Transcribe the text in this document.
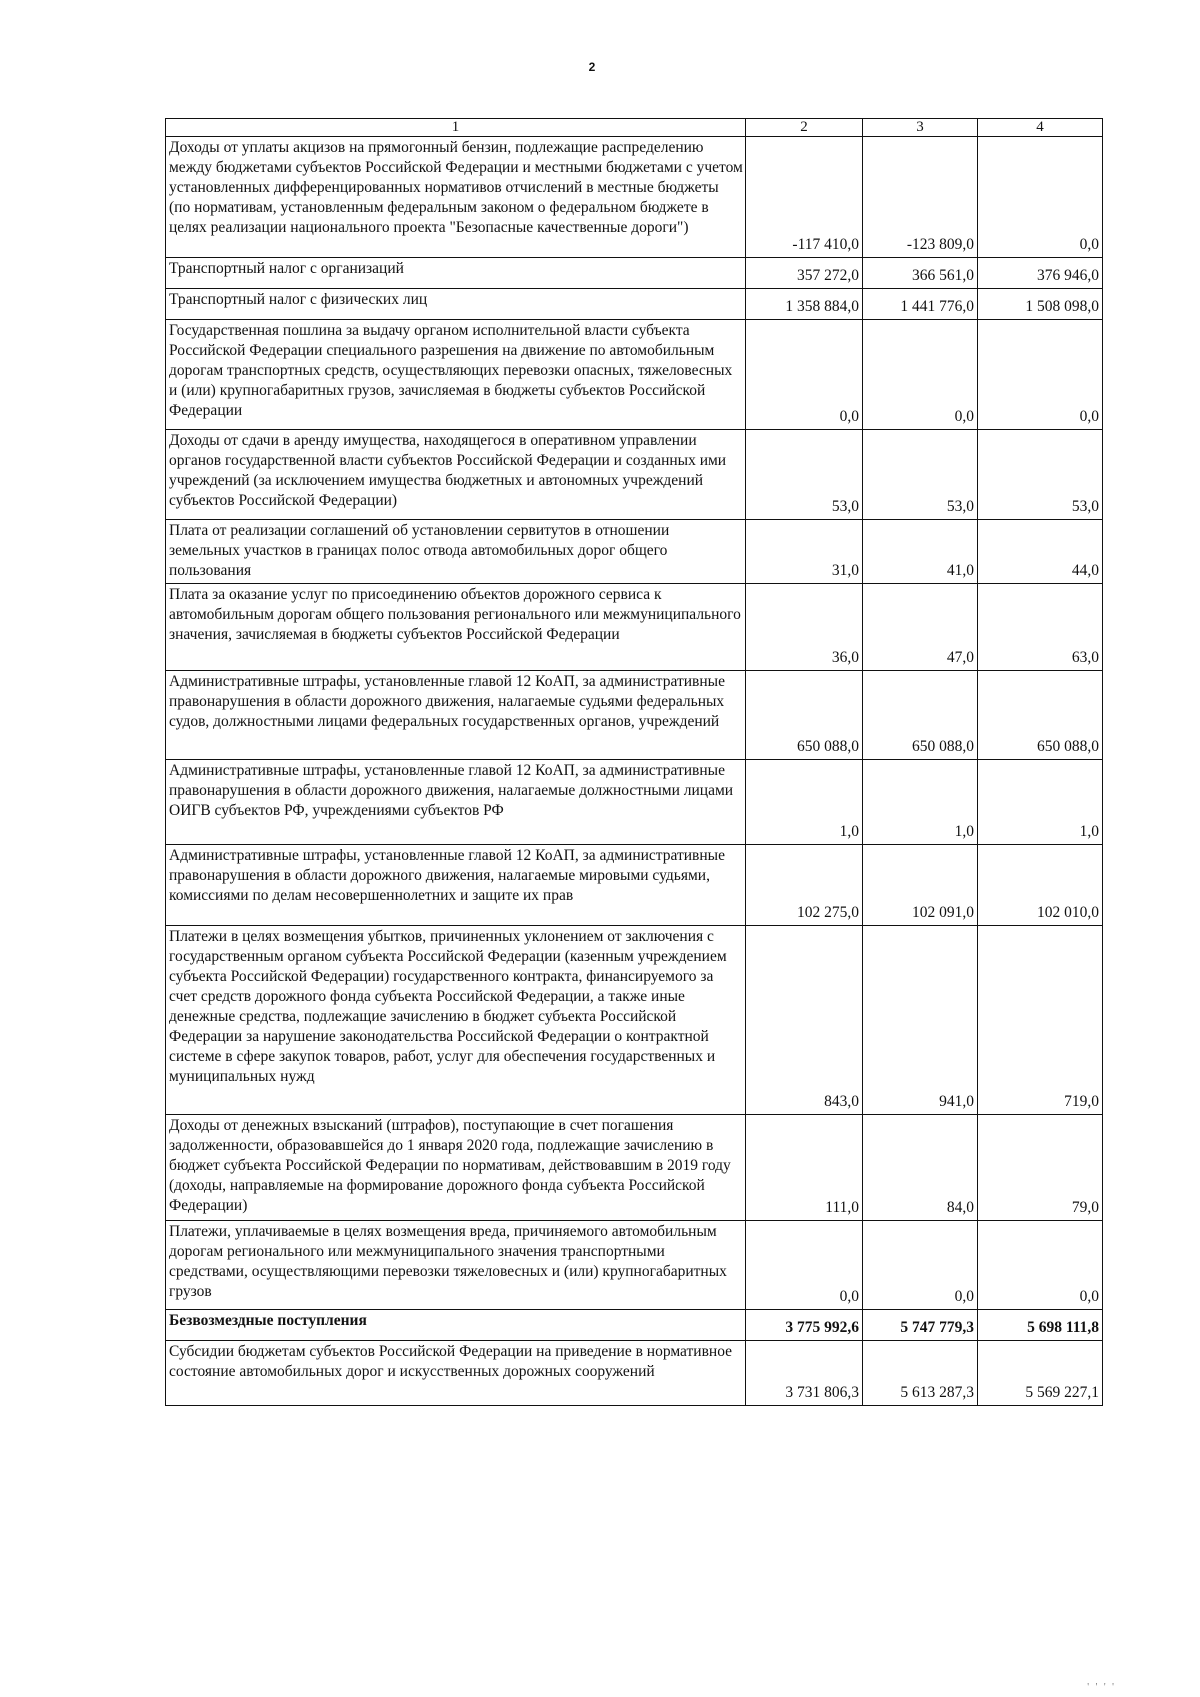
2
1	2	3	4
Доходы от уплаты акцизов на прямогонный бензин, подлежащие распределению между бюджетами субъектов Российской Федерации и местными бюджетами с учетом установленных дифференцированных нормативов отчислений в местные бюджеты (по нормативам, установленным федеральным законом о федеральном бюджете в целях реализации национального проекта "Безопасные качественные дороги")	-117 410,0	-123 809,0	0,0
Транспортный налог с организаций	357 272,0	366 561,0	376 946,0
Транспортный налог с физических лиц	1 358 884,0	1 441 776,0	1 508 098,0
Государственная пошлина за выдачу органом исполнительной власти субъекта Российской Федерации специального разрешения на движение по автомобильным дорогам транспортных средств, осуществляющих перевозки опасных, тяжеловесных и (или) крупногабаритных грузов, зачисляемая в бюджеты субъектов Российской Федерации	0,0	0,0	0,0
Доходы от сдачи в аренду имущества, находящегося в оперативном управлении органов государственной власти субъектов Российской Федерации и созданных ими учреждений (за исключением имущества бюджетных и автономных учреждений субъектов Российской Федерации)	53,0	53,0	53,0
Плата от реализации соглашений об установлении сервитутов в отношении земельных участков в границах полос отвода автомобильных дорог общего пользования	31,0	41,0	44,0
Плата за оказание услуг по присоединению объектов дорожного сервиса к автомобильным дорогам общего пользования регионального или межмуниципального значения, зачисляемая в бюджеты субъектов Российской Федерации	36,0	47,0	63,0
Административные штрафы, установленные главой 12 КоАП, за административные правонарушения в области дорожного движения, налагаемые судьями федеральных судов, должностными лицами федеральных государственных органов, учреждений	650 088,0	650 088,0	650 088,0
Административные штрафы, установленные главой 12 КоАП, за административные правонарушения в области дорожного движения, налагаемые должностными лицами ОИГВ субъектов РФ, учреждениями субъектов РФ	1,0	1,0	1,0
Административные штрафы, установленные главой 12 КоАП, за административные правонарушения в области дорожного движения, налагаемые мировыми судьями, комиссиями по делам несовершеннолетних и защите их прав	102 275,0	102 091,0	102 010,0
Платежи в целях возмещения убытков, причиненных уклонением от заключения с государственным органом субъекта Российской Федерации (казенным учреждением субъекта Российской Федерации) государственного контракта, финансируемого за счет средств дорожного фонда субъекта Российской Федерации, а также иные денежные средства, подлежащие зачислению в бюджет субъекта Российской Федерации за нарушение законодательства Российской Федерации о контрактной системе в сфере закупок товаров, работ, услуг для обеспечения государственных и муниципальных нужд	843,0	941,0	719,0
Доходы от денежных взысканий (штрафов), поступающие в счет погашения задолженности, образовавшейся до 1 января 2020 года, подлежащие зачислению в бюджет субъекта Российской Федерации по нормативам, действовавшим в 2019 году (доходы, направляемые на формирование дорожного фонда субъекта Российской Федерации)	111,0	84,0	79,0
Платежи, уплачиваемые в целях возмещения вреда, причиняемого автомобильным дорогам регионального или межмуниципального значения транспортными средствами, осуществляющими перевозки тяжеловесных и (или) крупногабаритных грузов	0,0	0,0	0,0
Безвозмездные поступления	3 775 992,6	5 747 779,3	5 698 111,8
Субсидии бюджетам субъектов Российской Федерации на приведение в нормативное состояние автомобильных дорог и искусственных дорожных сооружений	3 731 806,3	5 613 287,3	5 569 227,1
' ' ' '
